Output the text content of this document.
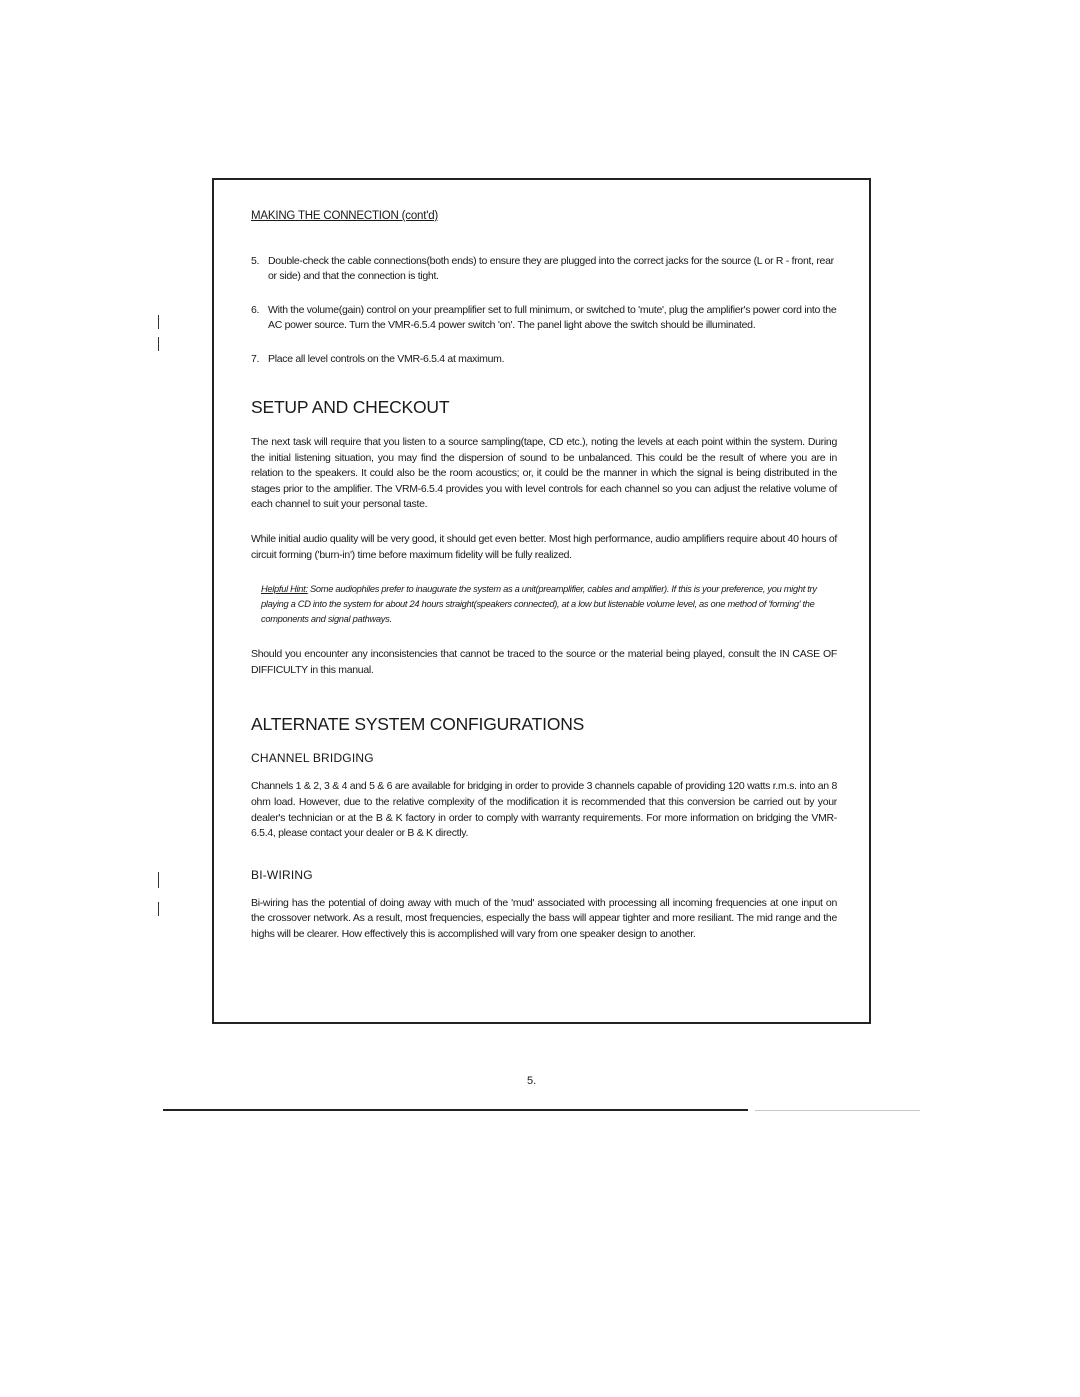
MAKING THE CONNECTION (cont'd)
5. Double-check the cable connections(both ends) to ensure they are plugged into the correct jacks for the source (L or R - front, rear or side) and that the connection is tight.
6. With the volume(gain) control on your preamplifier set to full minimum, or switched to 'mute', plug the amplifier's power cord into the AC power source. Turn the VMR-6.5.4 power switch 'on'. The panel light above the switch should be illuminated.
7. Place all level controls on the VMR-6.5.4 at maximum.
SETUP AND CHECKOUT

The next task will require that you listen to a source sampling(tape, CD etc.), noting the levels at each point within the system. During the initial listening situation, you may find the dispersion of sound to be unbalanced. This could be the result of where you are in relation to the speakers. It could also be the room acoustics; or, it could be the manner in which the signal is being distributed in the stages prior to the amplifier. The VRM-6.5.4 provides you with level controls for each channel so you can adjust the relative volume of each channel to suit your personal taste.

While initial audio quality will be very good, it should get even better. Most high performance, audio amplifiers require about 40 hours of circuit forming ('burn-in') time before maximum fidelity will be fully realized.

Helpful Hint: Some audiophiles prefer to inaugurate the system as a unit(preamplifier, cables and amplifier). If this is your preference, you might try playing a CD into the system for about 24 hours straight(speakers connected), at a low but listenable volume level, as one method of 'forming' the components and signal pathways.

Should you encounter any inconsistencies that cannot be traced to the source or the material being played, consult the IN CASE OF DIFFICULTY in this manual.

ALTERNATE SYSTEM CONFIGURATIONS
CHANNEL BRIDGING

Channels 1 & 2, 3 & 4 and 5 & 6 are available for bridging in order to provide 3 channels capable of providing 120 watts r.m.s. into an 8 ohm load. However, due to the relative complexity of the modification it is recommended that this conversion be carried out by your dealer's technician or at the B & K factory in order to comply with warranty requirements. For more information on bridging the VMR-6.5.4, please contact your dealer or B & K directly.

BI-WIRING

Bi-wiring has the potential of doing away with much of the 'mud' associated with processing all incoming frequencies at one input on the crossover network. As a result, most frequencies, especially the bass will appear tighter and more resiliant. The mid range and the highs will be clearer. How effectively this is accomplished will vary from one speaker design to another.

5.
